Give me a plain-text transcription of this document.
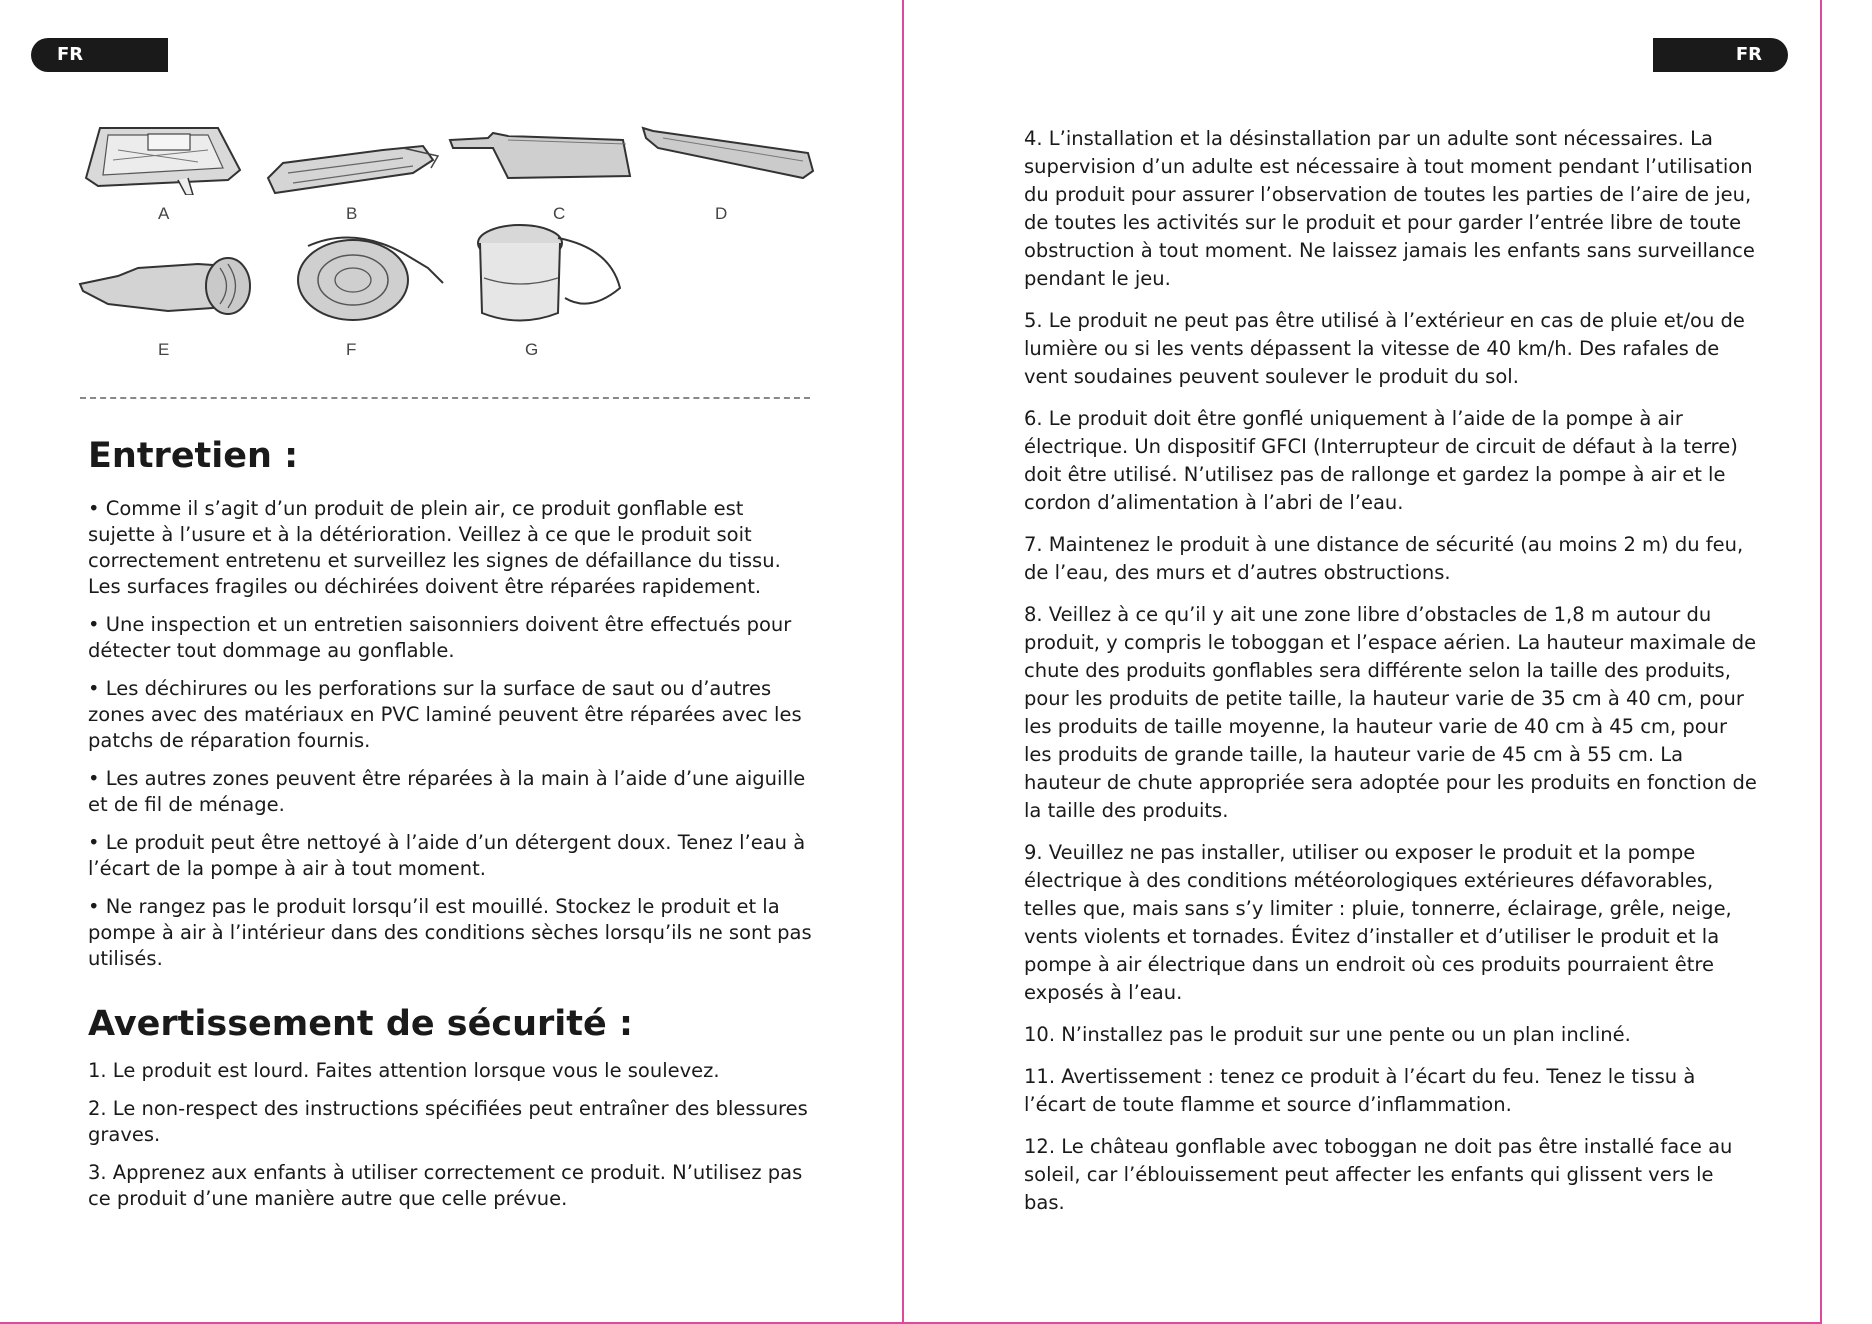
FR	FR
A	B	C	D
E	F	G
Entretien :

• Comme il s’agit d’un produit de plein air, ce produit gonflable est sujette à l’usure et à la détérioration. Veillez à ce que le produit soit correctement entretenu et surveillez les signes de défaillance du tissu. Les surfaces fragiles ou déchirées doivent être réparées rapidement.

• Une inspection et un entretien saisonniers doivent être effectués pour détecter tout dommage au gonflable.

• Les déchirures ou les perforations sur la surface de saut ou d’autres zones avec des matériaux en PVC laminé peuvent être réparées avec les patchs de réparation fournis.

• Les autres zones peuvent être réparées à la main à l’aide d’une aiguille et de fil de ménage.

• Le produit peut être nettoyé à l’aide d’un détergent doux. Tenez l’eau à l’écart de la pompe à air à tout moment.

• Ne rangez pas le produit lorsqu’il est mouillé. Stockez le produit et la pompe à air à l’intérieur dans des conditions sèches lorsqu’ils ne sont pas utilisés.

Avertissement de sécurité :

1. Le produit est lourd. Faites attention lorsque vous le soulevez.

2. Le non-respect des instructions spécifiées peut entraîner des blessures graves.

3. Apprenez aux enfants à utiliser correctement ce produit. N’utilisez pas ce produit d’une manière autre que celle prévue.

4. L’installation et la désinstallation par un adulte sont nécessaires. La supervision d’un adulte est nécessaire à tout moment pendant l’utilisation du produit pour assurer l’observation de toutes les parties de l’aire de jeu, de toutes les activités sur le produit et pour garder l’entrée libre de toute obstruction à tout moment. Ne laissez jamais les enfants sans surveillance pendant le jeu.

5. Le produit ne peut pas être utilisé à l’extérieur en cas de pluie et/ou de lumière ou si les vents dépassent la vitesse de 40 km/h. Des rafales de vent soudaines peuvent soulever le produit du sol.

6. Le produit doit être gonflé uniquement à l’aide de la pompe à air électrique. Un dispositif GFCI (Interrupteur de circuit de défaut à la terre) doit être utilisé. N’utilisez pas de rallonge et gardez la pompe à air et le cordon d’alimentation à l’abri de l’eau.

7. Maintenez le produit à une distance de sécurité (au moins 2 m) du feu, de l’eau, des murs et d’autres obstructions.

8. Veillez à ce qu’il y ait une zone libre d’obstacles de 1,8 m autour du produit, y compris le toboggan et l’espace aérien. La hauteur maximale de chute des produits gonflables sera différente selon la taille des produits, pour les produits de petite taille, la hauteur varie de 35 cm à 40 cm, pour les produits de taille moyenne, la hauteur varie de 40 cm à 45 cm, pour les produits de grande taille, la hauteur varie de 45 cm à 55 cm. La hauteur de chute appropriée sera adoptée pour les produits en fonction de la taille des produits.

9. Veuillez ne pas installer, utiliser ou exposer le produit et la pompe électrique à des conditions météorologiques extérieures défavorables, telles que, mais sans s’y limiter : pluie, tonnerre, éclairage, grêle, neige, vents violents et tornades. Évitez d’installer et d’utiliser le produit et la pompe à air électrique dans un endroit où ces produits pourraient être exposés à l’eau.

10. N’installez pas le produit sur une pente ou un plan incliné.

11. Avertissement : tenez ce produit à l’écart du feu. Tenez le tissu à l’écart de toute flamme et source d’inflammation.

12. Le château gonflable avec toboggan ne doit pas être installé face au soleil, car l’éblouissement peut affecter les enfants qui glissent vers le bas.
